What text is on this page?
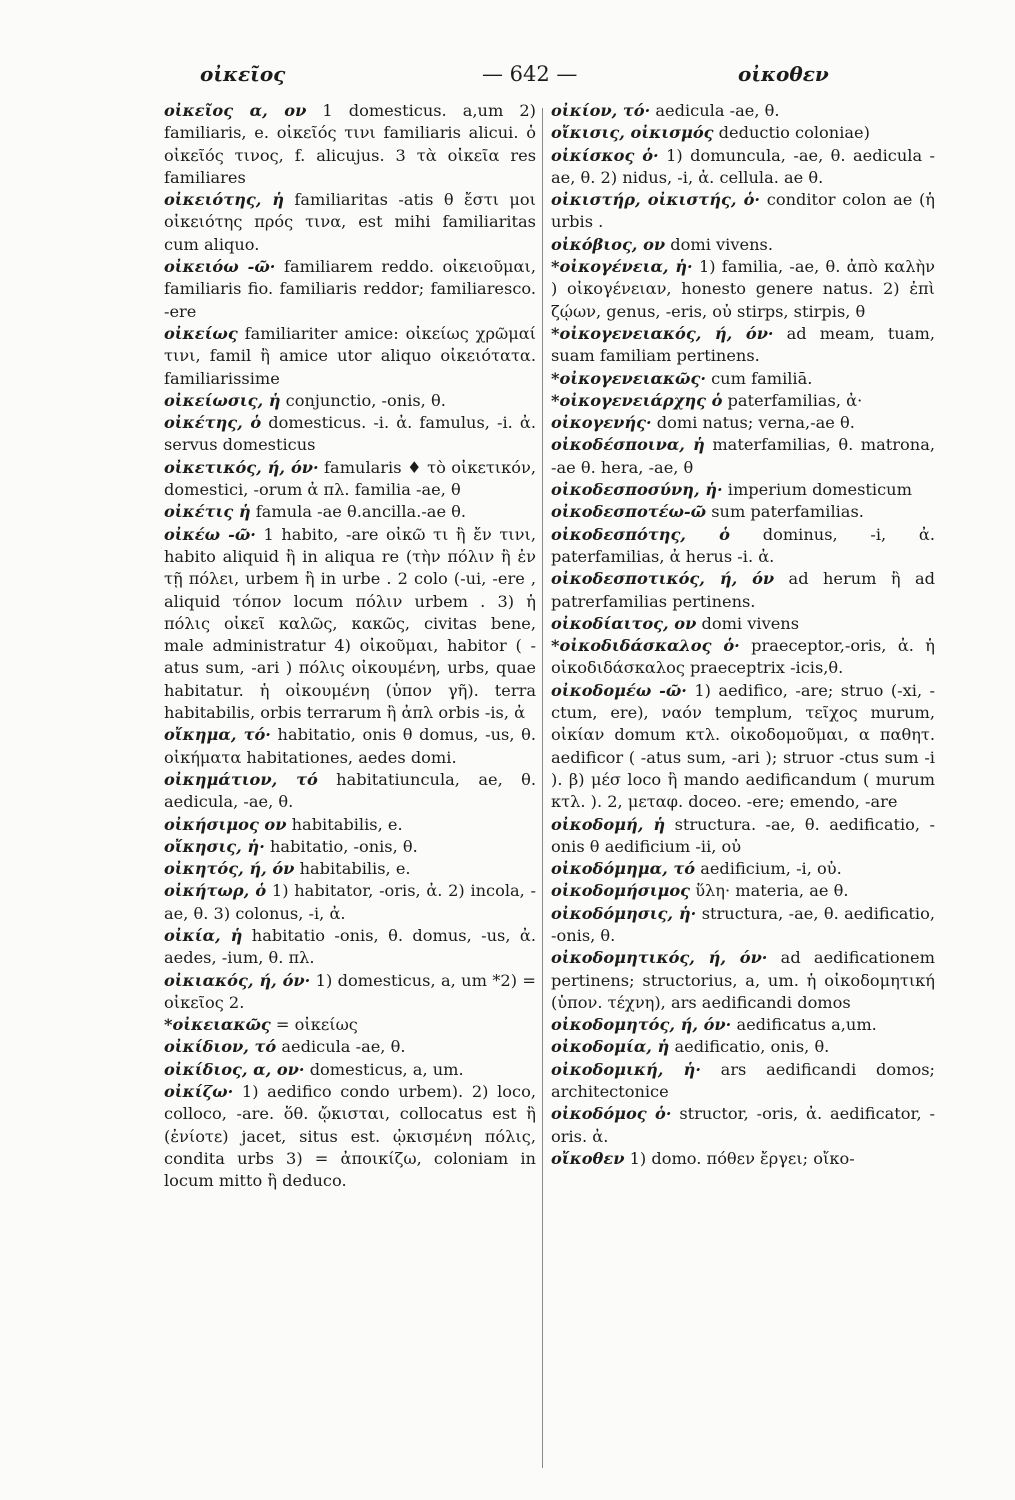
οἰκεῖος	— 642 —	οἰκοθεν

οἰκεῖος α, ον 1 domesticus. a,um 2) familiaris, e. οἰκεῖός τινι familiaris alicui. ὁ οἰκεῖός τινος, f. alicujus. 3 τὰ οἰκεῖα res familiares

οἰκειότης, ἡ familiaritas -atis θ ἔστι μοι οἰκειότης πρός τινα, est mihi familiaritas cum aliquo.

οἰκειόω -ῶ· familiarem reddo. οἰκειοῦμαι, familiaris fio. familiaris reddor; familiaresco. -ere

οἰκείως familiariter amice: οἰκείως χρῶμαί τινι, famil ἢ amice utor aliquo οἰκειότατα. familiarissime

οἰκείωσις, ἡ conjunctio, -onis, θ.

οἰκέτης, ὁ domesticus. -i. ἀ. famulus, -i. ἀ. servus domesticus

οἰκετικός, ή, όν· famularis ♦ τὸ οἰκετικόν, domestici, -orum ἀ πλ. familia -ae, θ

οἰκέτις ἡ famula -ae θ.ancilla.-ae θ.

οἰκέω -ῶ· 1 habito, -are οἰκῶ τι ἢ ἔν τινι, habito aliquid ἢ in aliqua re (τὴν πόλιν ἢ ἐν τῇ πόλει, urbem ἢ in urbe . 2 colo (-ui, -ere , aliquid τόπον locum πόλιν urbem . 3) ἡ πόλις οἰκεῖ καλῶς, κακῶς, civitas bene, male administratur 4) οἰκοῦμαι, habitor ( -atus sum, -ari ) πόλις οἰκουμένη, urbs, quae habitatur. ἡ οἰκουμένη (ὑπον γῆ). terra habitabilis, orbis terrarum ἢ ἀπλ orbis -is, ἀ

οἴκημα, τό· habitatio, onis θ domus, -us, θ. οἰκήματα habitationes, aedes domi.

οἰκημάτιον, τό habitatiuncula, ae, θ. aedicula, -ae, θ.

οἰκήσιμος ον habitabilis, e.

οἴκησις, ἡ· habitatio, -onis, θ.

οἰκητός, ή, όν habitabilis, e.

οἰκήτωρ, ὁ 1) habitator, -oris, ἀ. 2) incola, -ae, θ. 3) colonus, -i, ἀ.

οἰκία, ἡ habitatio -onis, θ. domus, -us, ἀ. aedes, -ium, θ. πλ.

οἰκιακός, ή, όν· 1) domesticus, a, um *2) = οἰκεῖος 2.

*οἰκειακῶς = οἰκείως

οἰκίδιον, τό aedicula -ae, θ.

οἰκίδιος, α, ον· domesticus, a, um.

οἰκίζω· 1) aedifico condo urbem). 2) loco, colloco, -are. ὅθ. ᾤκισται, collocatus est ἢ (ἐνίοτε) jacet, situs est. ᾠκισμένη πόλις, condita urbs 3) = ἀποικίζω, coloniam in locum mitto ἢ deduco.

οἰκίον, τό· aedicula -ae, θ.

οἴκισις, οἰκισμός deductio coloniae)

οἰκίσκος ὁ· 1) domuncula, -ae, θ. aedicula -ae, θ. 2) nidus, -i, ἀ. cellula. ae θ.

οἰκιστήρ, οἰκιστής, ὁ· conditor colon ae (ἡ urbis .

οἰκόβιος, ον domi vivens.

*οἰκογένεια, ἡ· 1) familia, -ae, θ. ἀπὸ καλὴν ) οἰκογένειαν, honesto genere natus. 2) ἐπὶ ζῴων, genus, -eris, οὐ stirps, stirpis, θ

*οἰκογενειακός, ή, όν· ad meam, tuam, suam familiam pertinens.

*οἰκογενειακῶς· cum familiā.

*οἰκογενειάρχης ὁ paterfamilias, ἀ·

οἰκογενής· domi natus; verna,-ae θ.

οἰκοδέσποινα, ἡ materfamilias, θ. matrona, -ae θ. hera, -ae, θ

οἰκοδεσποσύνη, ἡ· imperium domesticum

οἰκοδεσποτέω-ῶ sum paterfamilias.

οἰκοδεσπότης, ὁ dominus, -i, ἀ. paterfamilias, ἀ herus -i. ἀ.

οἰκοδεσποτικός, ή, όν ad herum ἢ ad patrerfamilias pertinens.

οἰκοδίαιτος, ον domi vivens

*οἰκοδιδάσκαλος ὁ· praeceptor,-oris, ἀ. ἡ οἰκοδιδάσκαλος praeceptrix -icis,θ.

οἰκοδομέω -ῶ· 1) aedifico, -are; struo (-xi, -ctum, ere), ναόν templum, τεῖχος murum, οἰκίαν domum κτλ. οἰκοδομοῦμαι, α παθητ. aedificor ( -atus sum, -ari ); struor -ctus sum -i ). β) μέσ loco ἢ mando aedificandum ( murum κτλ. ). 2, μεταφ. doceo. -ere; emendo, -are

οἰκοδομή, ἡ structura. -ae, θ. aedificatio, -onis θ aedificium -ii, οὐ

οἰκοδόμημα, τό aedificium, -i, οὐ.

οἰκοδομήσιμος ὕλη· materia, ae θ.

οἰκοδόμησις, ἡ· structura, -ae, θ. aedificatio, -onis, θ.

οἰκοδομητικός, ή, όν· ad aedificationem pertinens; structorius, a, um. ἡ οἰκοδομητική (ὑπον. τέχνη), ars aedificandi domos

οἰκοδομητός, ή, όν· aedificatus a,um.

οἰκοδομία, ἡ aedificatio, onis, θ.

οἰκοδομική, ἡ· ars aedificandi domos; architectonice

οἰκοδόμος ὁ· structor, -oris, ἀ. aedificator, -oris. ἀ.

οἴκοθεν 1) domo. πόθεν ἔργει; οἴκο-
